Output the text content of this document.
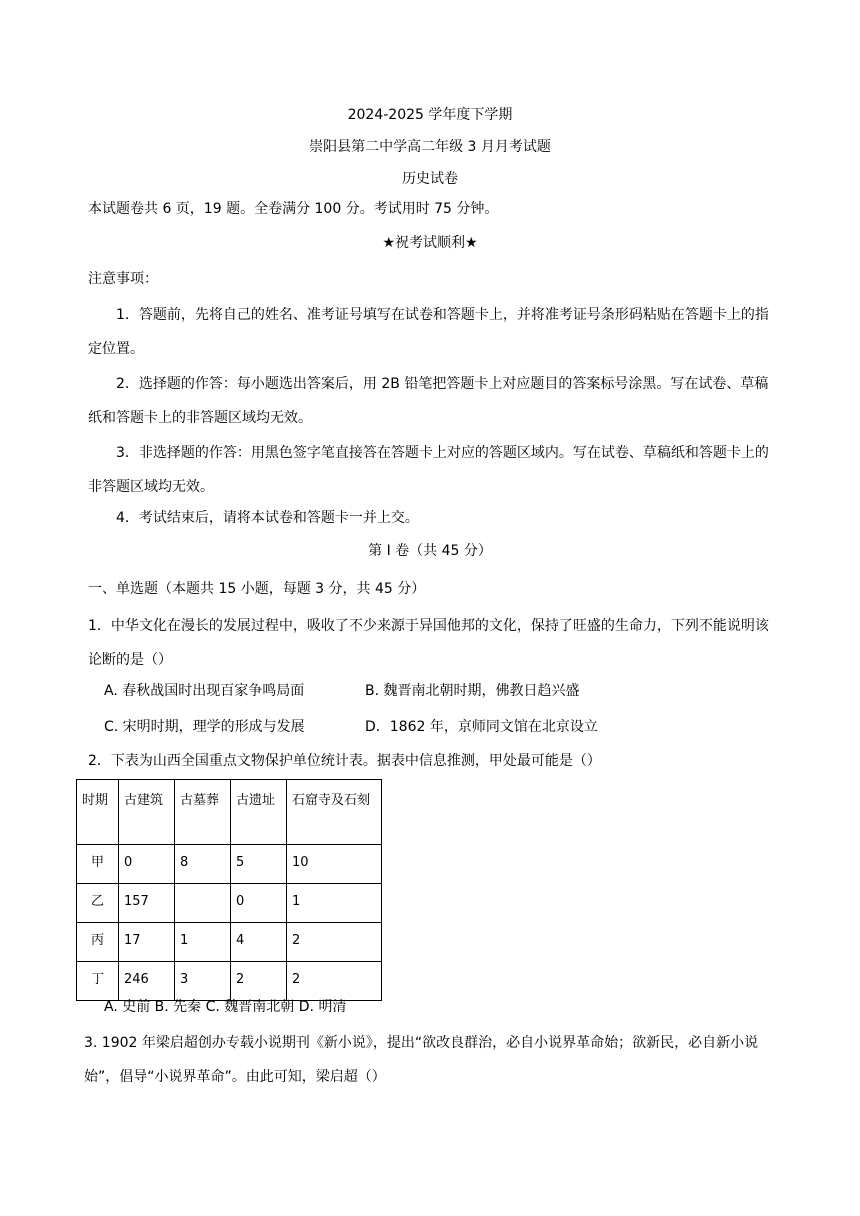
2024-2025 学年度下学期
崇阳县第二中学高二年级 3 月月考试题
历史试卷
本试题卷共 6 页，19 题。全卷满分 100 分。考试用时 75 分钟。
★祝考试顺利★
注意事项：
1．答题前，先将自己的姓名、准考证号填写在试卷和答题卡上，并将准考证号条形码粘贴在答题卡上的指定位置。
2．选择题的作答：每小题选出答案后，用 2B 铅笔把答题卡上对应题目的答案标号涂黑。写在试卷、草稿纸和答题卡上的非答题区域均无效。
3．非选择题的作答：用黑色签字笔直接答在答题卡上对应的答题区域内。写在试卷、草稿纸和答题卡上的非答题区域均无效。
4．考试结束后，请将本试卷和答题卡一并上交。
第 I 卷（共 45 分）
一、单选题（本题共 15 小题，每题 3 分，共 45 分）
1．中华文化在漫长的发展过程中，吸收了不少来源于异国他邦的文化，保持了旺盛的生命力，下列不能说明该论断的是（）
A. 春秋战国时出现百家争鸣局面	B. 魏晋南北朝时期，佛教日趋兴盛
C. 宋明时期，理学的形成与发展	D．1862 年，京师同文馆在北京设立
2．下表为山西全国重点文物保护单位统计表。据表中信息推测，甲处最可能是（）
时期	古建筑	古墓葬	古遗址	石窟寺及石刻
甲	0	8	5	10
乙	157		0	1
丙	17	1	4	2
丁	246	3	2	2
A. 史前 B. 先秦 C. 魏晋南北朝 D. 明清
3. 1902 年梁启超创办专载小说期刊《新小说》，提出“欲改良群治，必自小说界革命始；欲新民，必自新小说始”，倡导“小说界革命”。由此可知，梁启超（）
